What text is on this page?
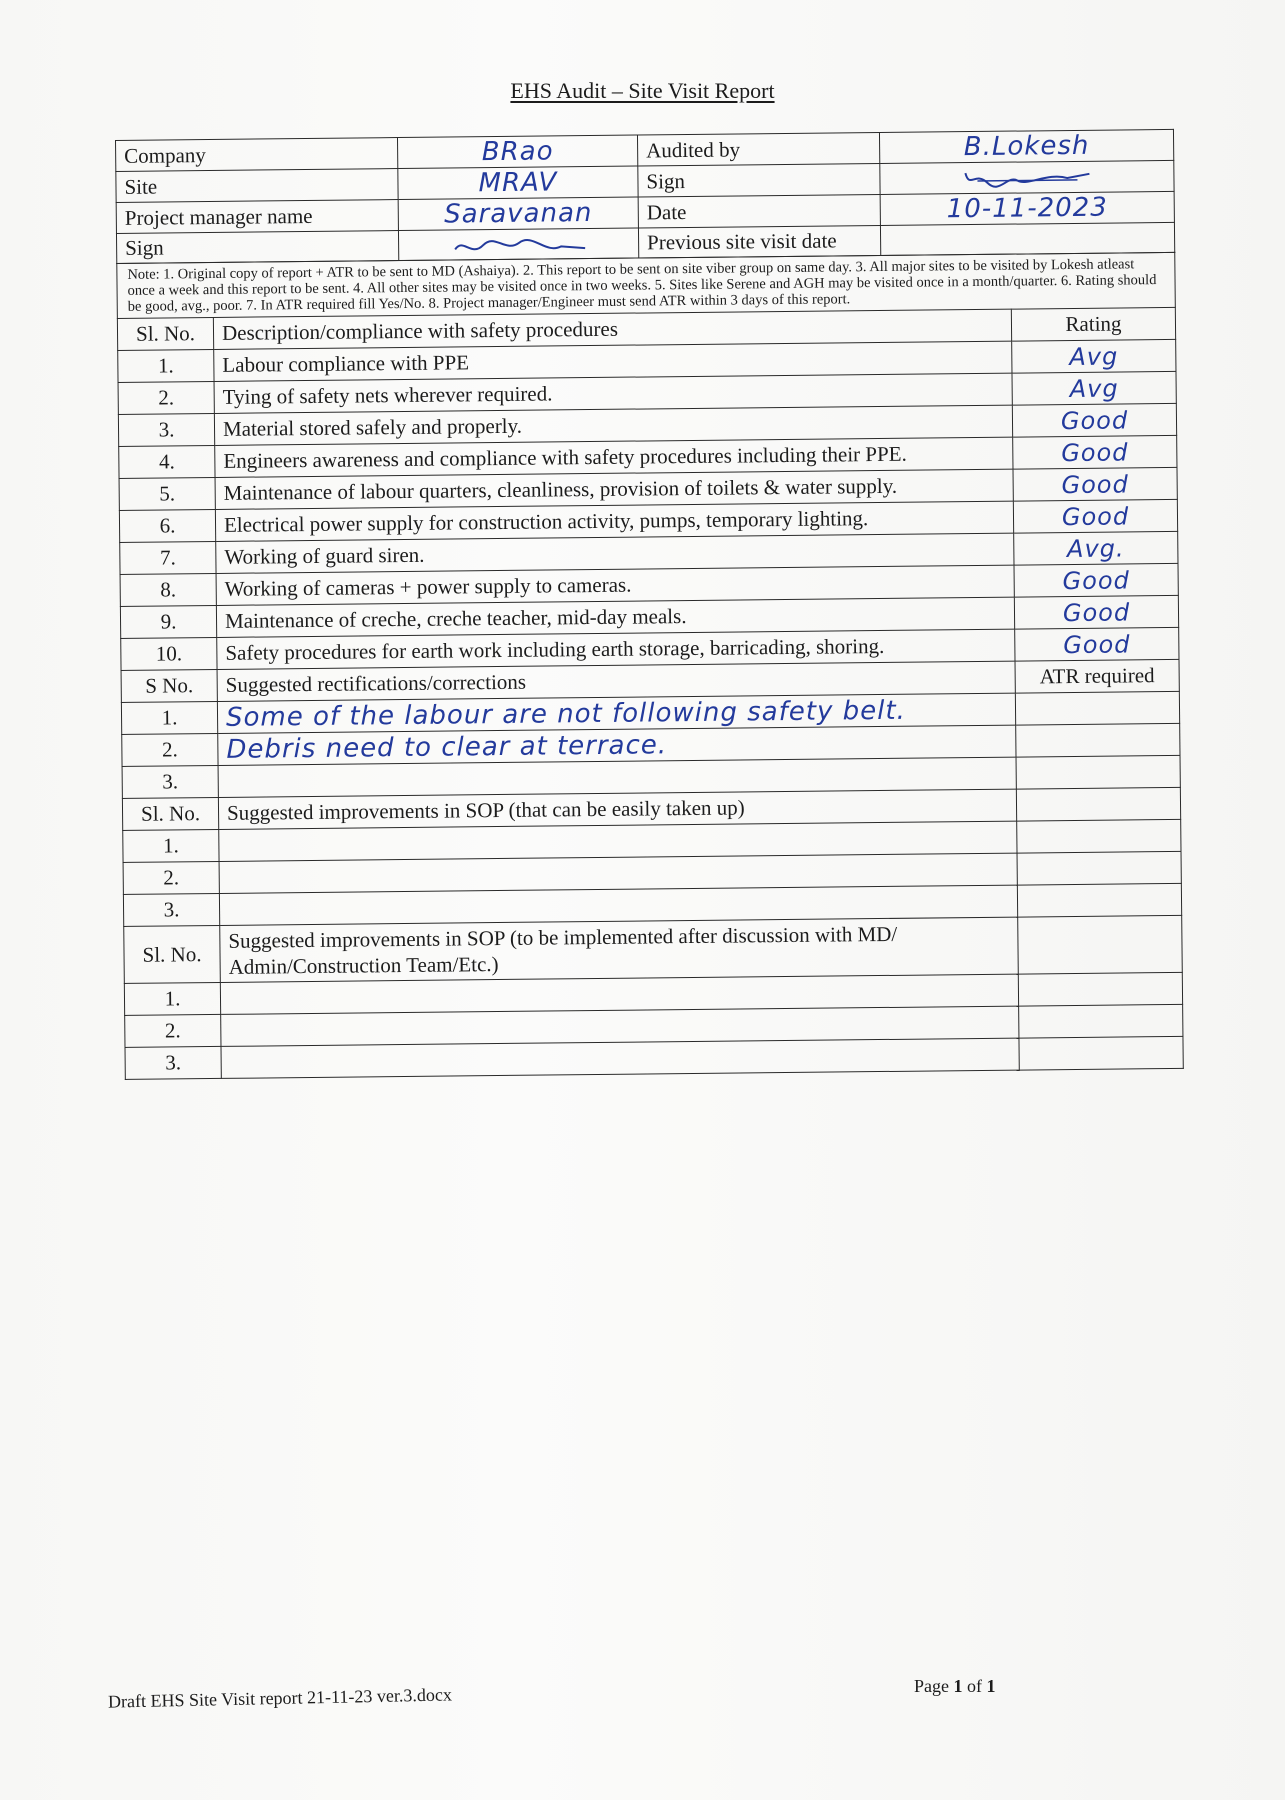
EHS Audit – Site Visit Report
Company	BRao	Audited by	B.Lokesh
Site	MRAV	Sign	
Project manager name	Saravanan	Date	10-11-2023
Sign		Previous site visit date	
Note: 1. Original copy of report + ATR to be sent to MD (Ashaiya). 2. This report to be sent on site viber group on same day. 3. All major sites to be visited by Lokesh atleast once a week and this report to be sent. 4. All other sites may be visited once in two weeks. 5. Sites like Serene and AGH may be visited once in a month/quarter. 6. Rating should be good, avg., poor. 7. In ATR required fill Yes/No. 8. Project manager/Engineer must send ATR within 3 days of this report.		
Sl. No.	Description/compliance with safety procedures	Rating
1.	Labour compliance with PPE	Avg
2.	Tying of safety nets wherever required.	Avg
3.	Material stored safely and properly.	Good
4.	Engineers awareness and compliance with safety procedures including their PPE.	Good
5.	Maintenance of labour quarters, cleanliness, provision of toilets & water supply.	Good
6.	Electrical power supply for construction activity, pumps, temporary lighting.	Good
7.	Working of guard siren.	Avg.
8.	Working of cameras + power supply to cameras.	Good
9.	Maintenance of creche, creche teacher, mid-day meals.	Good
10.	Safety procedures for earth work including earth storage, barricading, shoring.	Good
S No.	Suggested rectifications/corrections	ATR required
1.	Some of the labour are not following safety belt.	
2.	Debris need to clear at terrace.	
3.		
Sl. No.	Suggested improvements in SOP (that can be easily taken up)	
1.		
2.		
3.		
Sl. No.	Suggested improvements in SOP (to be implemented after discussion with MD/ Admin/Construction Team/Etc.)	
1.		
2.		
3.		
Draft EHS Site Visit report 21-11-23 ver.3.docx	Page 1 of 1
